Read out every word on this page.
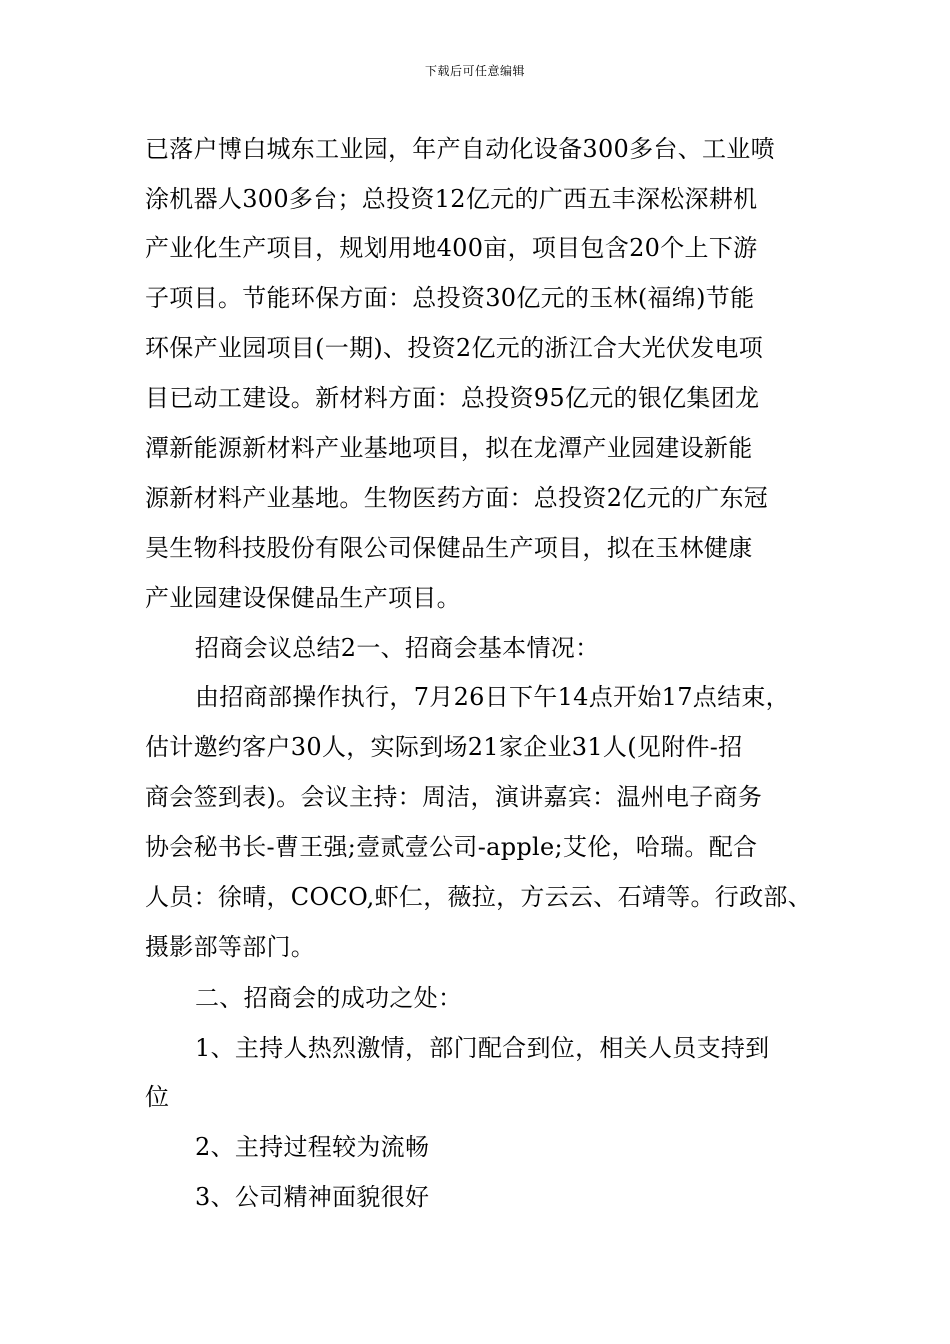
下载后可任意编辑
已落户博白城东工业园，年产自动化设备300多台、工业喷
涂机器人300多台；总投资12亿元的广西五丰深松深耕机
产业化生产项目，规划用地400亩，项目包含20个上下游
子项目。节能环保方面：总投资30亿元的玉林(福绵)节能
环保产业园项目(一期)、投资2亿元的浙江合大光伏发电项
目已动工建设。新材料方面：总投资95亿元的银亿集团龙
潭新能源新材料产业基地项目，拟在龙潭产业园建设新能
源新材料产业基地。生物医药方面：总投资2亿元的广东冠
昊生物科技股份有限公司保健品生产项目，拟在玉林健康
产业园建设保健品生产项目。
招商会议总结2一、招商会基本情况：
由招商部操作执行，7月26日下午14点开始17点结束，
估计邀约客户30人，实际到场21家企业31人(见附件-招
商会签到表)。会议主持：周洁，演讲嘉宾：温州电子商务
协会秘书长-曹王强;壹贰壹公司-apple;艾伦，哈瑞。配合
人员：徐晴，COCO,虾仁，薇拉，方云云、石靖等。行政部、
摄影部等部门。
二、招商会的成功之处：
1、主持人热烈激情，部门配合到位，相关人员支持到
位
2、主持过程较为流畅
3、公司精神面貌很好
